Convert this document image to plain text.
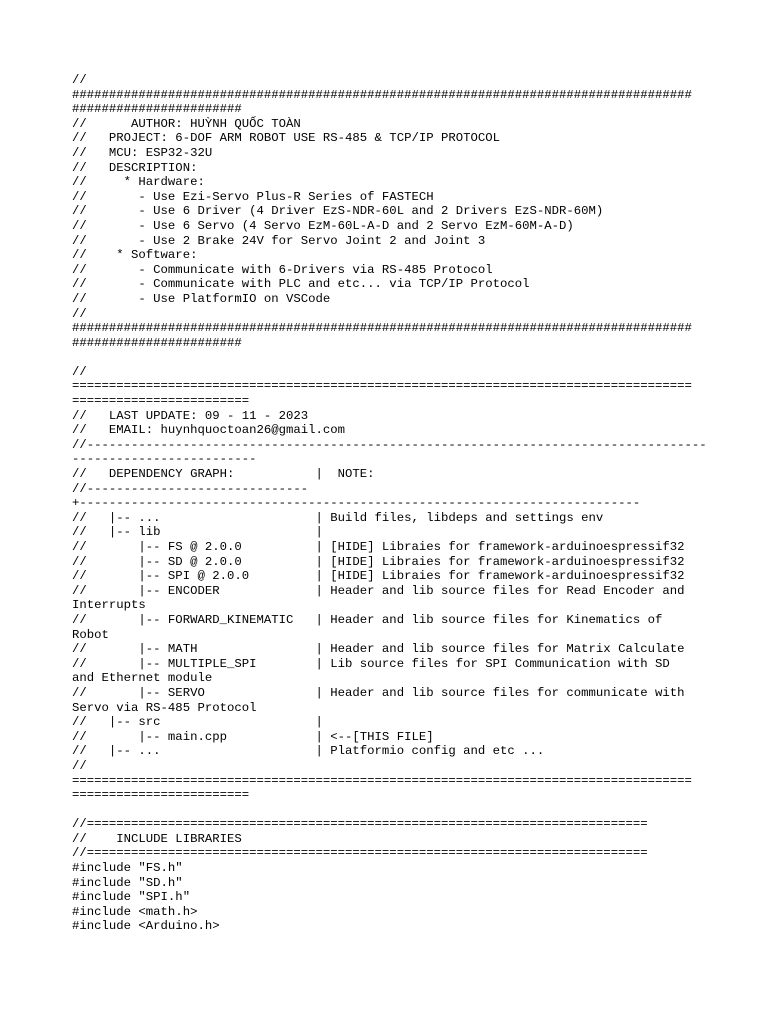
//
####################################################################################
#######################
//      AUTHOR: HUỲNH QUỐC TOÀN
//   PROJECT: 6-DOF ARM ROBOT USE RS-485 & TCP/IP PROTOCOL
//   MCU: ESP32-32U
//   DESCRIPTION:
//     * Hardware:
//       - Use Ezi-Servo Plus-R Series of FASTECH
//       - Use 6 Driver (4 Driver EzS-NDR-60L and 2 Drivers EzS-NDR-60M)
//       - Use 6 Servo (4 Servo EzM-60L-A-D and 2 Servo EzM-60M-A-D)
//       - Use 2 Brake 24V for Servo Joint 2 and Joint 3
//    * Software:
//       - Communicate with 6-Drivers via RS-485 Protocol
//       - Communicate with PLC and etc... via TCP/IP Protocol
//       - Use PlatformIO on VSCode
//
####################################################################################
#######################
//
====================================================================================
========================
//   LAST UPDATE: 09 - 11 - 2023
//   EMAIL: huynhquoctoan26@gmail.com
//------------------------------------------------------------------------------------
-------------------------
//   DEPENDENCY GRAPH:           |  NOTE:
//------------------------------
+----------------------------------------------------------------------------
//   |-- ...                     | Build files, libdeps and settings env
//   |-- lib                     |
//       |-- FS @ 2.0.0          | [HIDE] Libraies for framework-arduinoespressif32
//       |-- SD @ 2.0.0          | [HIDE] Libraies for framework-arduinoespressif32
//       |-- SPI @ 2.0.0         | [HIDE] Libraies for framework-arduinoespressif32
//       |-- ENCODER             | Header and lib source files for Read Encoder and
Interrupts
//       |-- FORWARD_KINEMATIC   | Header and lib source files for Kinematics of
Robot
//       |-- MATH                | Header and lib source files for Matrix Calculate
//       |-- MULTIPLE_SPI        | Lib source files for SPI Communication with SD
and Ethernet module
//       |-- SERVO               | Header and lib source files for communicate with
Servo via RS-485 Protocol
//   |-- src                     |
//       |-- main.cpp            | <--[THIS FILE]
//   |-- ...                     | Platformio config and etc ...
//
====================================================================================
========================
//============================================================================
//    INCLUDE LIBRARIES
//============================================================================
#include "FS.h"
#include "SD.h"
#include "SPI.h"
#include <math.h>
#include <Arduino.h>
